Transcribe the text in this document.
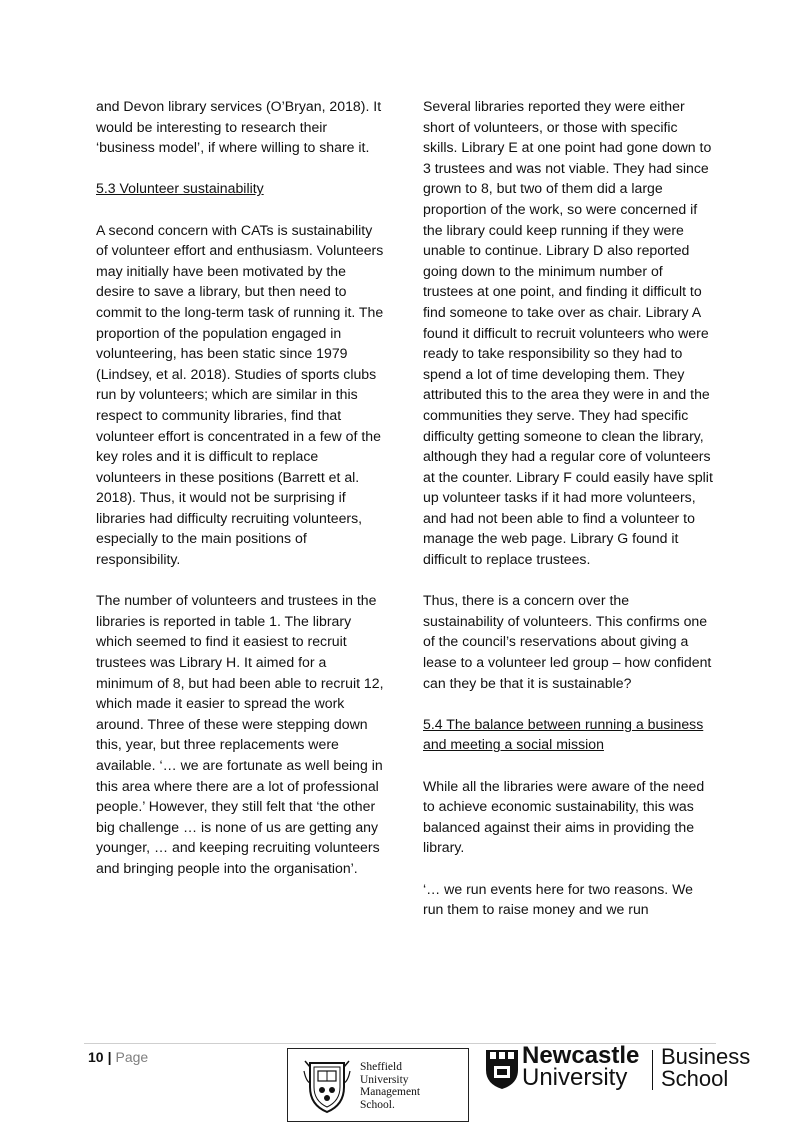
and Devon library services (O’Bryan, 2018). It would be interesting to research their ‘business model’, if where willing to share it.

5.3 Volunteer sustainability

A second concern with CATs is sustainability of volunteer effort and enthusiasm. Volunteers may initially have been motivated by the desire to save a library, but then need to commit to the long-term task of running it. The proportion of the population engaged in volunteering, has been static since 1979 (Lindsey, et al. 2018). Studies of sports clubs run by volunteers; which are similar in this respect to community libraries, find that volunteer effort is concentrated in a few of the key roles and it is difficult to replace volunteers in these positions (Barrett et al. 2018). Thus, it would not be surprising if libraries had difficulty recruiting volunteers, especially to the main positions of responsibility.

The number of volunteers and trustees in the libraries is reported in table 1. The library which seemed to find it easiest to recruit trustees was Library H. It aimed for a minimum of 8, but had been able to recruit 12, which made it easier to spread the work around. Three of these were stepping down this, year, but three replacements were available. ‘… we are fortunate as well being in this area where there are a lot of professional people.’ However, they still felt that ‘the other big challenge … is none of us are getting any younger, … and keeping recruiting volunteers and bringing people into the organisation’.

Several libraries reported they were either short of volunteers, or those with specific skills. Library E at one point had gone down to 3 trustees and was not viable. They had since grown to 8, but two of them did a large proportion of the work, so were concerned if the library could keep running if they were unable to continue. Library D also reported going down to the minimum number of trustees at one point, and finding it difficult to find someone to take over as chair. Library A found it difficult to recruit volunteers who were ready to take responsibility so they had to spend a lot of time developing them. They attributed this to the area they were in and the communities they serve. They had specific difficulty getting someone to clean the library, although they had a regular core of volunteers at the counter. Library F could easily have split up volunteer tasks if it had more volunteers, and had not been able to find a volunteer to manage the web page. Library G found it difficult to replace trustees.

Thus, there is a concern over the sustainability of volunteers. This confirms one of the council’s reservations about giving a lease to a volunteer led group – how confident can they be that it is sustainable?

5.4 The balance between running a business and meeting a social mission

While all the libraries were aware of the need to achieve economic sustainability, this was balanced against their aims in providing the library.

‘… we run events here for two reasons. We run them to raise money and we run

10 | Page
Sheffield
University
Management
School.
Newcastle
University
Business
School
